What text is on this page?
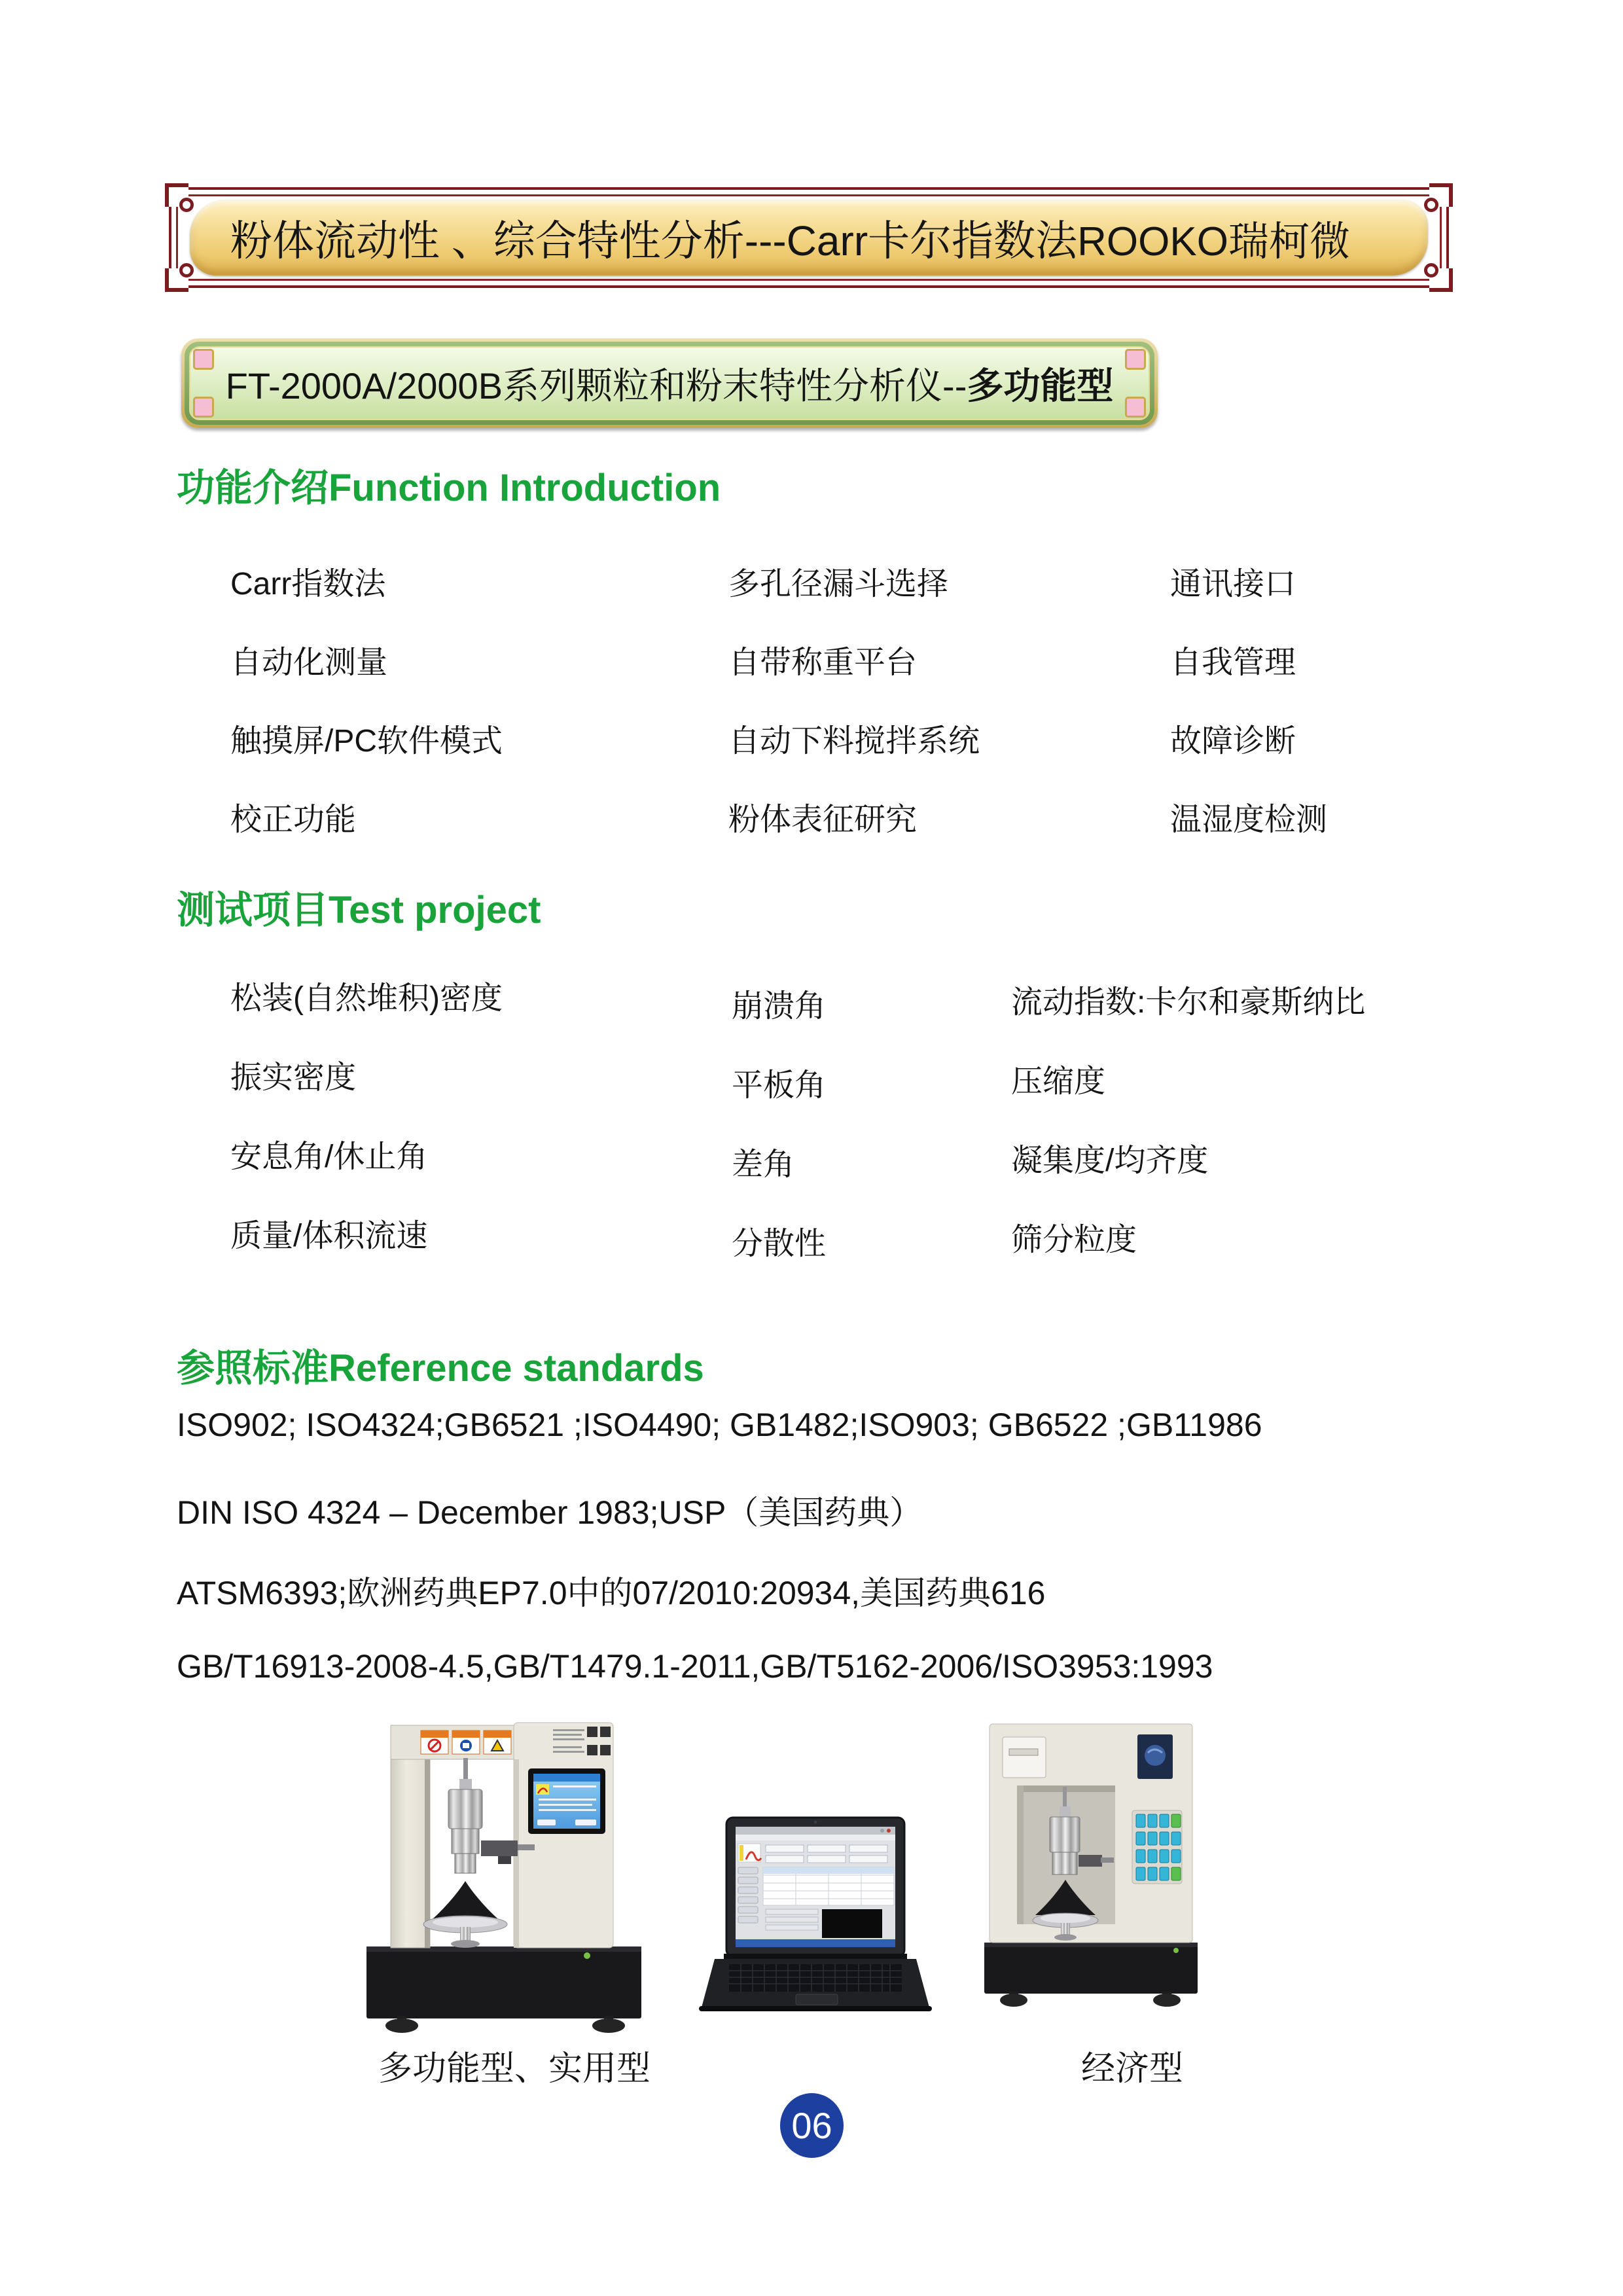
粉体流动性 、综合特性分析---Carr卡尔指数法 ROOKO瑞柯微
FT-2000A/2000B系列颗粒和粉末特性分析仪-- 多功能型
功能介绍Function Introduction
Carr指数法
自动化测量
触摸屏/PC软件模式
校正功能
多孔径漏斗选择
自带称重平台
自动下料搅拌系统
粉体表征研究
通讯接口
自我管理
故障诊断
温湿度检测
测试项目Test project
松装(自然堆积)密度
振实密度
安息角/休止角
质量/体积流速
崩溃角
平板角
差角
分散性
流动指数:卡尔和豪斯纳比
压缩度
凝集度/均齐度
筛分粒度
参照标准Reference standards
ISO902; ISO4324;GB6521 ;ISO4490; GB1482;ISO903; GB6522 ;GB11986
DIN ISO 4324 – December 1983;USP（美国药典）
ATSM6393;欧洲药典EP7.0中的07/2010:20934,美国药典616
GB/T16913-2008-4.5,GB/T1479.1-2011,GB/T5162-2006/ISO3953:1993
多功能型、实用型	经济型
06
